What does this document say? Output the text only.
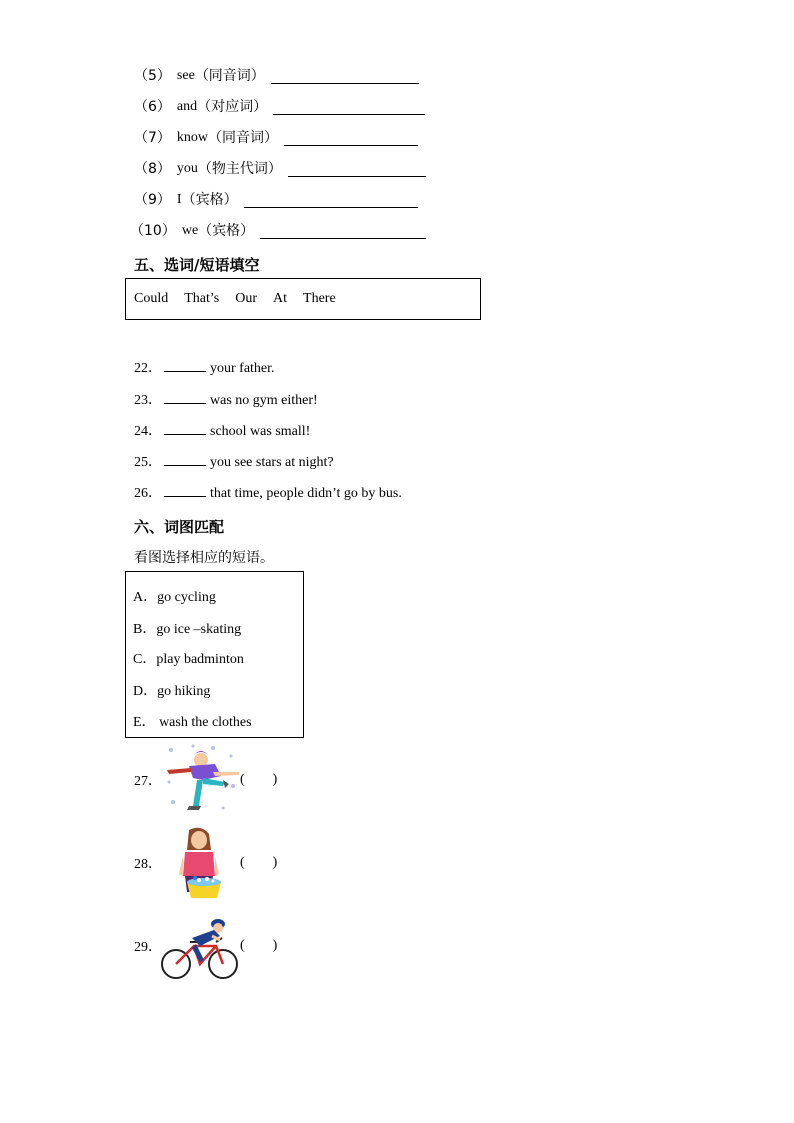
（5） see （同音词）
（6） and （对应词）
（7） know （同音词）
（8） you （物主代词）
（9） I （宾格）
（10） we （宾格）
五、选词/短语填空
Could That’s Our At There
22．	your father.
23．	was no gym either!
24．	school was small!
25．	you see stars at night?
26．	that time, people didn’t go by bus.
六、词图匹配
看图选择相应的短语。
A．go cycling
B．go ice –skating
C．play badminton
D．go hiking
E． wash the clothes
27．	(        )
28．	(        )
29．	(        )
